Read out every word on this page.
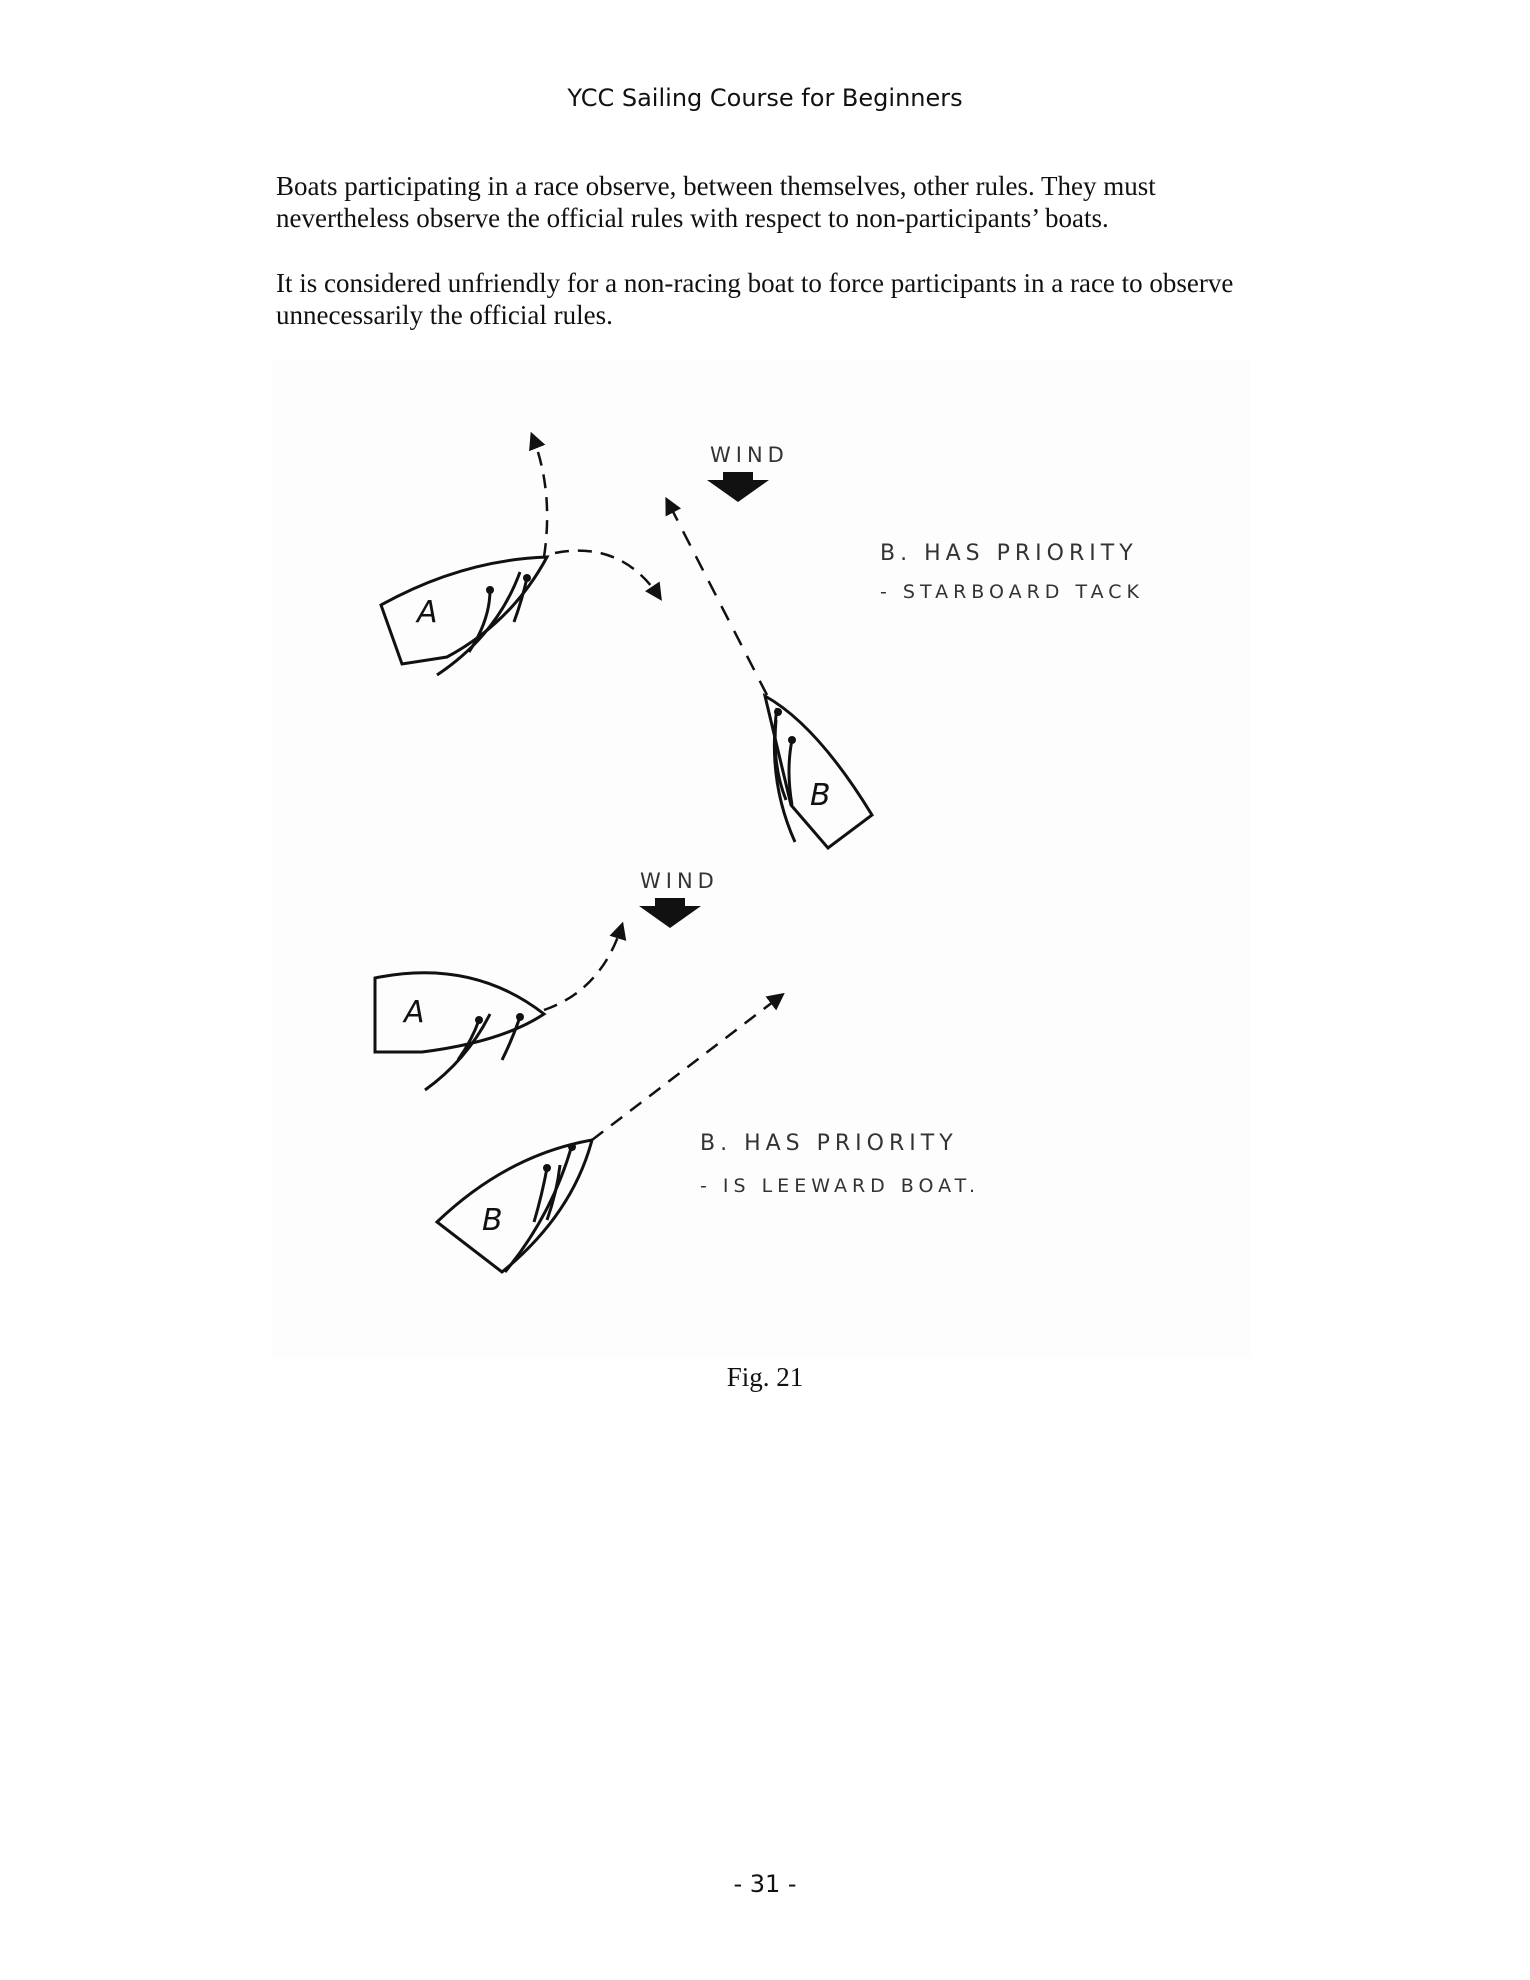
YCC Sailing Course for Beginners
Boats participating in a race observe, between themselves, other rules. They must nevertheless observe the official rules with respect to non-participants’ boats.
It is considered unfriendly for a non-racing boat to force participants in a race to observe unnecessarily the official rules.
WIND
A
B
B. HAS PRIORITY
- STARBOARD TACK
WIND
A
B
B. HAS PRIORITY
- IS LEEWARD BOAT.
Fig. 21
- 31 -
